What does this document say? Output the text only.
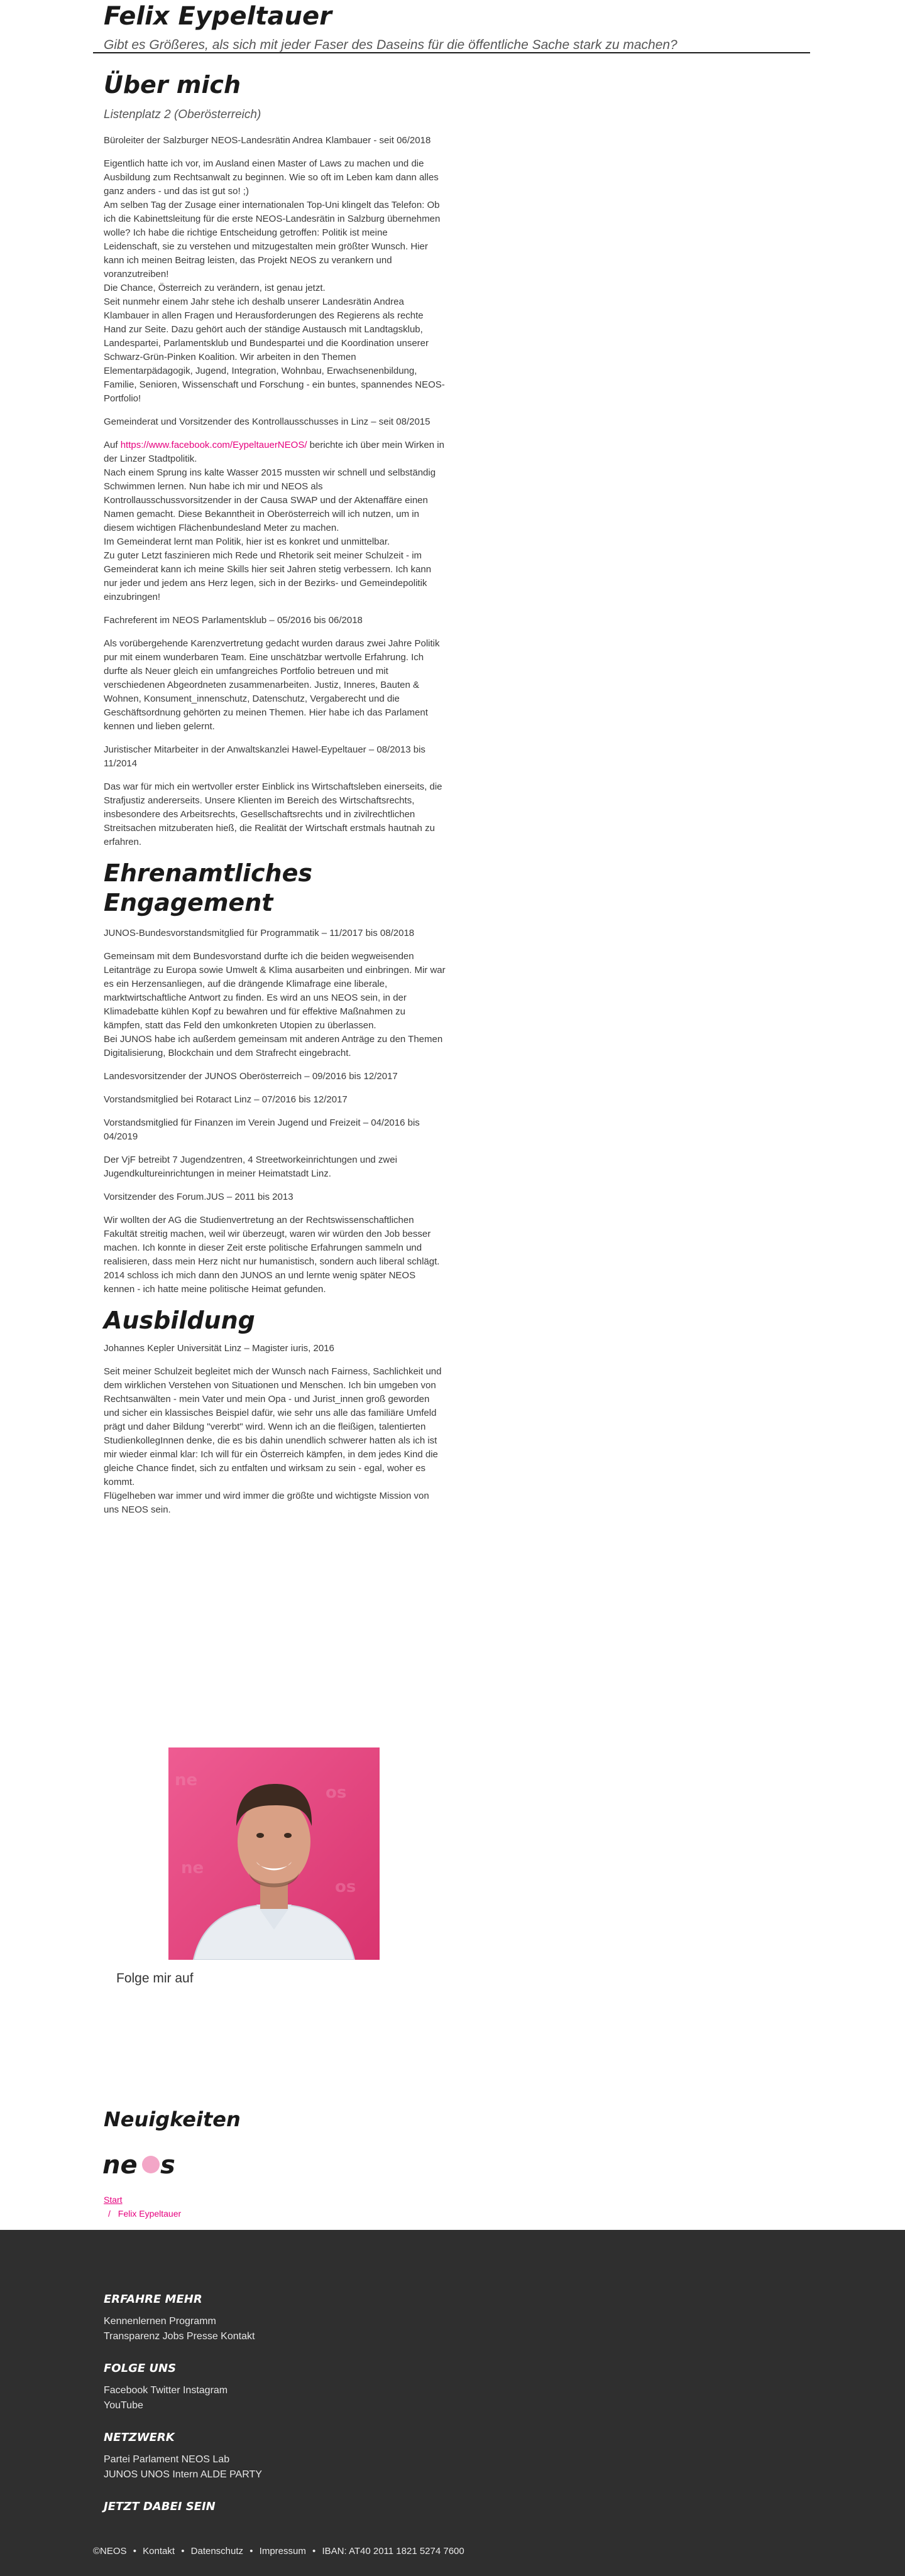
Felix Eypeltauer
Gibt es Größeres, als sich mit jeder Faser des Daseins für die öffentliche Sache stark zu machen?
Über mich
Listenplatz 2 (Oberösterreich)

Büroleiter der Salzburger NEOS-Landesrätin Andrea Klambauer - seit 06/2018

Eigentlich hatte ich vor, im Ausland einen Master of Laws zu machen und die Ausbildung zum Rechtsanwalt zu beginnen. Wie so oft im Leben kam dann alles ganz anders - und das ist gut so! ;)
Am selben Tag der Zusage einer internationalen Top-Uni klingelt das Telefon: Ob ich die Kabinettsleitung für die erste NEOS-Landesrätin in Salzburg übernehmen wolle? Ich habe die richtige Entscheidung getroffen: Politik ist meine Leidenschaft, sie zu verstehen und mitzugestalten mein größter Wunsch. Hier kann ich meinen Beitrag leisten, das Projekt NEOS zu verankern und voranzutreiben!
Die Chance, Österreich zu verändern, ist genau jetzt.
Seit nunmehr einem Jahr stehe ich deshalb unserer Landesrätin Andrea Klambauer in allen Fragen und Herausforderungen des Regierens als rechte Hand zur Seite. Dazu gehört auch der ständige Austausch mit Landtagsklub, Landespartei, Parlamentsklub und Bundespartei und die Koordination unserer Schwarz-Grün-Pinken Koalition. Wir arbeiten in den Themen Elementarpädagogik, Jugend, Integration, Wohnbau, Erwachsenenbildung, Familie, Senioren, Wissenschaft und Forschung - ein buntes, spannendes NEOS-Portfolio!

Gemeinderat und Vorsitzender des Kontrollausschusses in Linz – seit 08/2015

Auf https://www.facebook.com/EypeltauerNEOS/ berichte ich über mein Wirken in der Linzer Stadtpolitik.
Nach einem Sprung ins kalte Wasser 2015 mussten wir schnell und selbständig Schwimmen lernen. Nun habe ich mir und NEOS als Kontrollausschussvorsitzender in der Causa SWAP und der Aktenaffäre einen Namen gemacht. Diese Bekanntheit in Oberösterreich will ich nutzen, um in diesem wichtigen Flächenbundesland Meter zu machen.
Im Gemeinderat lernt man Politik, hier ist es konkret und unmittelbar.
Zu guter Letzt faszinieren mich Rede und Rhetorik seit meiner Schulzeit - im Gemeinderat kann ich meine Skills hier seit Jahren stetig verbessern. Ich kann nur jeder und jedem ans Herz legen, sich in der Bezirks- und Gemeindepolitik einzubringen!

Fachreferent im NEOS Parlamentsklub – 05/2016 bis 06/2018

Als vorübergehende Karenzvertretung gedacht wurden daraus zwei Jahre Politik pur mit einem wunderbaren Team. Eine unschätzbar wertvolle Erfahrung. Ich durfte als Neuer gleich ein umfangreiches Portfolio betreuen und mit verschiedenen Abgeordneten zusammenarbeiten. Justiz, Inneres, Bauten & Wohnen, Konsument_innenschutz, Datenschutz, Vergaberecht und die Geschäftsordnung gehörten zu meinen Themen. Hier habe ich das Parlament kennen und lieben gelernt.

Juristischer Mitarbeiter in der Anwaltskanzlei Hawel-Eypeltauer – 08/2013 bis 11/2014

Das war für mich ein wertvoller erster Einblick ins Wirtschaftsleben einerseits, die Strafjustiz andererseits. Unsere Klienten im Bereich des Wirtschaftsrechts, insbesondere des Arbeitsrechts, Gesellschaftsrechts und in zivilrechtlichen Streitsachen mitzuberaten hieß, die Realität der Wirtschaft erstmals hautnah zu erfahren.

Ehrenamtliches Engagement

JUNOS-Bundesvorstandsmitglied für Programmatik – 11/2017 bis 08/2018

Gemeinsam mit dem Bundesvorstand durfte ich die beiden wegweisenden Leitanträge zu Europa sowie Umwelt & Klima ausarbeiten und einbringen. Mir war es ein Herzensanliegen, auf die drängende Klimafrage eine liberale, marktwirtschaftliche Antwort zu finden. Es wird an uns NEOS sein, in der Klimadebatte kühlen Kopf zu bewahren und für effektive Maßnahmen zu kämpfen, statt das Feld den umkonkreten Utopien zu überlassen.
Bei JUNOS habe ich außerdem gemeinsam mit anderen Anträge zu den Themen Digitalisierung, Blockchain und dem Strafrecht eingebracht.

Landesvorsitzender der JUNOS Oberösterreich – 09/2016 bis 12/2017

Vorstandsmitglied bei Rotaract Linz – 07/2016 bis 12/2017

Vorstandsmitglied für Finanzen im Verein Jugend und Freizeit – 04/2016 bis 04/2019

Der VjF betreibt 7 Jugendzentren, 4 Streetworkeinrichtungen und zwei Jugendkultureinrichtungen in meiner Heimatstadt Linz.

Vorsitzender des Forum.JUS – 2011 bis 2013

Wir wollten der AG die Studienvertretung an der Rechtswissenschaftlichen Fakultät streitig machen, weil wir überzeugt, waren wir würden den Job besser machen. Ich konnte in dieser Zeit erste politische Erfahrungen sammeln und realisieren, dass mein Herz nicht nur humanistisch, sondern auch liberal schlägt. 2014 schloss ich mich dann den JUNOS an und lernte wenig später NEOS kennen - ich hatte meine politische Heimat gefunden.

Ausbildung

Johannes Kepler Universität Linz – Magister iuris, 2016

Seit meiner Schulzeit begleitet mich der Wunsch nach Fairness, Sachlichkeit und dem wirklichen Verstehen von Situationen und Menschen. Ich bin umgeben von Rechtsanwälten - mein Vater und mein Opa - und Jurist_innen groß geworden und sicher ein klassisches Beispiel dafür, wie sehr uns alle das familiäre Umfeld prägt und daher Bildung "vererbt" wird. Wenn ich an die fleißigen, talentierten StudienkollegInnen denke, die es bis dahin unendlich schwerer hatten als ich ist mir wieder einmal klar: Ich will für ein Österreich kämpfen, in dem jedes Kind die gleiche Chance findet, sich zu entfalten und wirksam zu sein - egal, woher es kommt.
Flügelheben war immer und wird immer die größte und wichtigste Mission von uns NEOS sein.

ne
os
ne
os
Folge mir auf
Neuigkeiten
ne s
Start
/ Felix Eypeltauer
ERFAHRE MEHR
Kennenlernen Programm
Transparenz Jobs Presse Kontakt
FOLGE UNS
Facebook Twitter Instagram
YouTube
NETZWERK
Partei Parlament NEOS Lab
JUNOS UNOS Intern ALDE PARTY
JETZT DABEI SEIN
©NEOS • Kontakt • Datenschutz • Impressum • IBAN: AT40 2011 1821 5274 7600
